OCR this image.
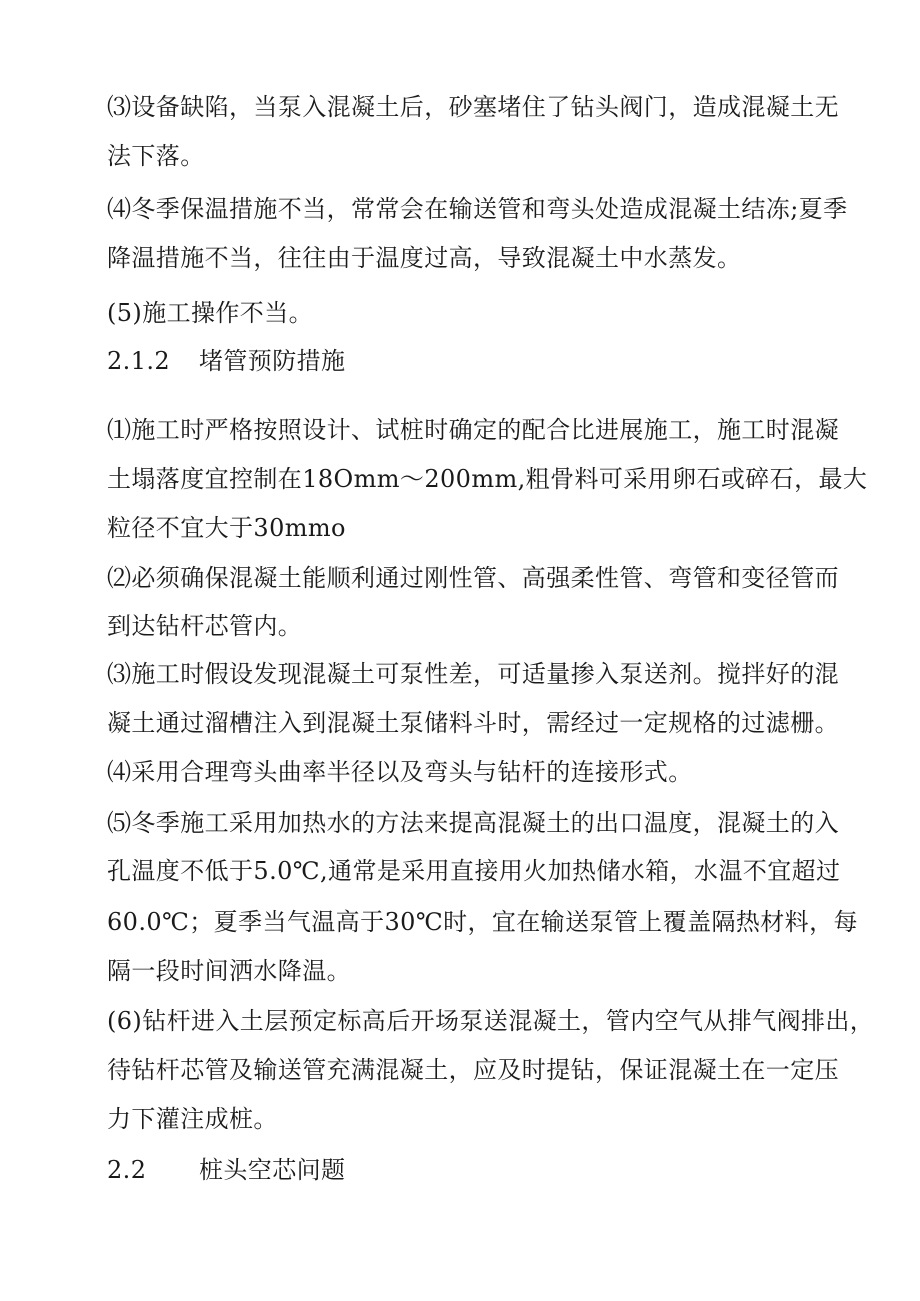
⑶设备缺陷，当泵入混凝土后，砂塞堵住了钻头阀门，造成混凝土无
法下落。
⑷冬季保温措施不当，常常会在输送管和弯头处造成混凝土结冻;夏季
降温措施不当，往往由于温度过高，导致混凝土中水蒸发。
(5)施工操作不当。
2.1.2 堵管预防措施
⑴施工时严格按照设计、试桩时确定的配合比进展施工，施工时混凝
土塌落度宜控制在18Omm～200mm,粗骨料可采用卵石或碎石，最大
粒径不宜大于30mmo
⑵必须确保混凝土能顺利通过刚性管、高强柔性管、弯管和变径管而
到达钻杆芯管内。
⑶施工时假设发现混凝土可泵性差，可适量掺入泵送剂。搅拌好的混
凝土通过溜槽注入到混凝土泵储料斗时，需经过一定规格的过滤栅。
⑷采用合理弯头曲率半径以及弯头与钻杆的连接形式。
⑸冬季施工采用加热水的方法来提高混凝土的出口温度，混凝土的入
孔温度不低于5.0℃,通常是采用直接用火加热储水箱，水温不宜超过
60.0℃；夏季当气温高于30℃时，宜在输送泵管上覆盖隔热材料，每
隔一段时间洒水降温。
(6)钻杆进入土层预定标高后开场泵送混凝土，管内空气从排气阀排出，
待钻杆芯管及输送管充满混凝土，应及时提钻，保证混凝土在一定压
力下灌注成桩。
2.2 桩头空芯问题
